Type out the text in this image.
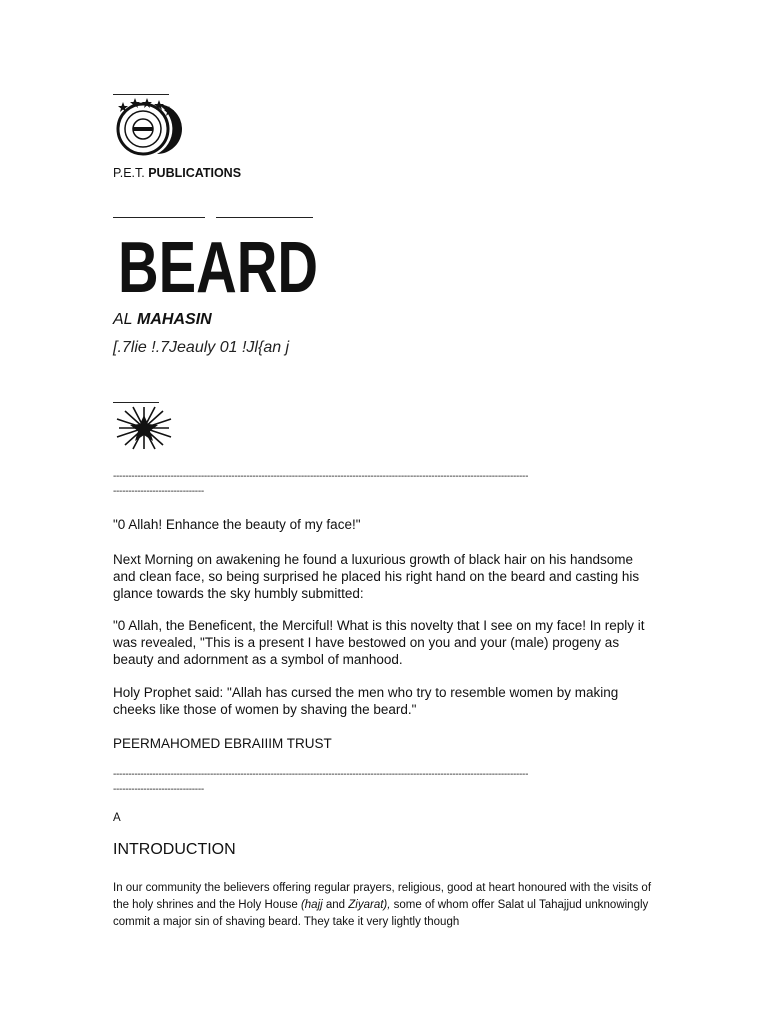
P.E.T. PUBLICATIONS
BEARD
AL MAHASIN
[.7lie !.7Jeauly 01 !Jl{an j
-----------------------------------------------------------------------------------------------------------------------------------------
------------------------------
"0 Allah! Enhance the beauty of my face!"
Next Morning on awakening he found a luxurious growth of black hair on his handsome and clean face, so being surprised he placed his right hand on the beard and casting his glance towards the sky humbly submitted:
"0 Allah, the Beneficent, the Merciful! What is this novelty that I see on my face! In reply it was revealed, "This is a present I have bestowed on you and your (male) progeny as beauty and adornment as a symbol of manhood.
Holy Prophet said: "Allah has cursed the men who try to resemble women by making cheeks like those of women by shaving the beard."
PEERMAHOMED EBRAIIIM TRUST
-----------------------------------------------------------------------------------------------------------------------------------------
------------------------------
A
INTRODUCTION
In our community the believers offering regular prayers, religious, good at heart honoured with the visits of the holy shrines and the Holy House (hajj and Ziyarat), some of whom offer Salat ul Tahajjud unknowingly commit a major sin of shaving beard. They take it very lightly though
